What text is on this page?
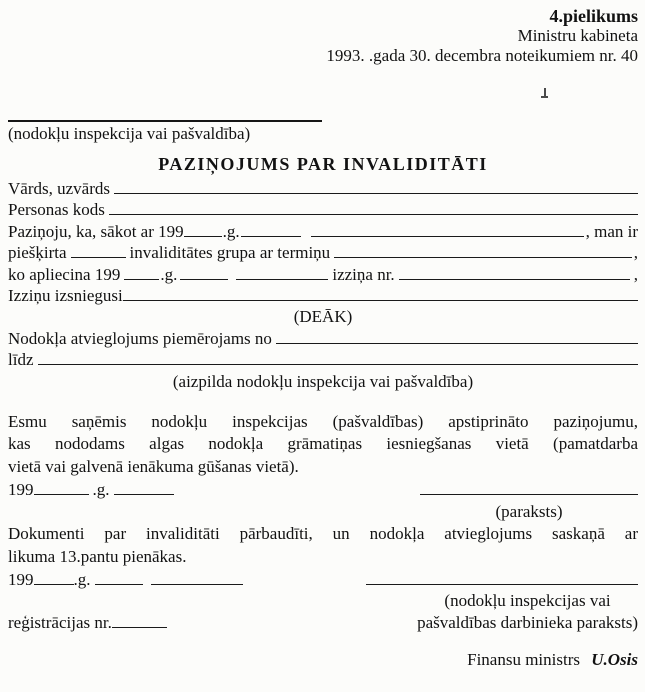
4.pielikums
Ministru kabineta
1993. .gada 30. decembra noteikumiem nr. 40
(nodokļu inspekcija vai pašvaldība)
PAZIŅOJUMS PAR INVALIDITĀTI
Vārds, uzvārds
Personas kods
Paziņoju, ka, sākot ar 199 .g.	, man ir
piešķirta	invaliditātes grupa ar termiņu	,
ko apliecina 199 .g.	izziņa nr.	,
Izziņu izsniegusi
(DEĀK)
Nodokļa atvieglojums piemērojams no
līdz
(aizpilda nodokļu inspekcija vai pašvaldība)
Esmu saņēmis nodokļu inspekcijas (pašvaldības) apstiprināto paziņojumu,
kas nododams algas nodokļa grāmatiņas iesniegšanas vietā (pamatdarba
vietā vai galvenā ienākuma gūšanas vietā).
199	.g.
(paraksts)
Dokumenti par invaliditāti pārbaudīti, un nodokļa atvieglojums saskaņā ar
likuma 13.pantu pienākas.
199 .g.
reģistrācijas nr.
(nodokļu inspekcijas vai
pašvaldības darbinieka paraksts)
Finansu ministrs U.Osis
